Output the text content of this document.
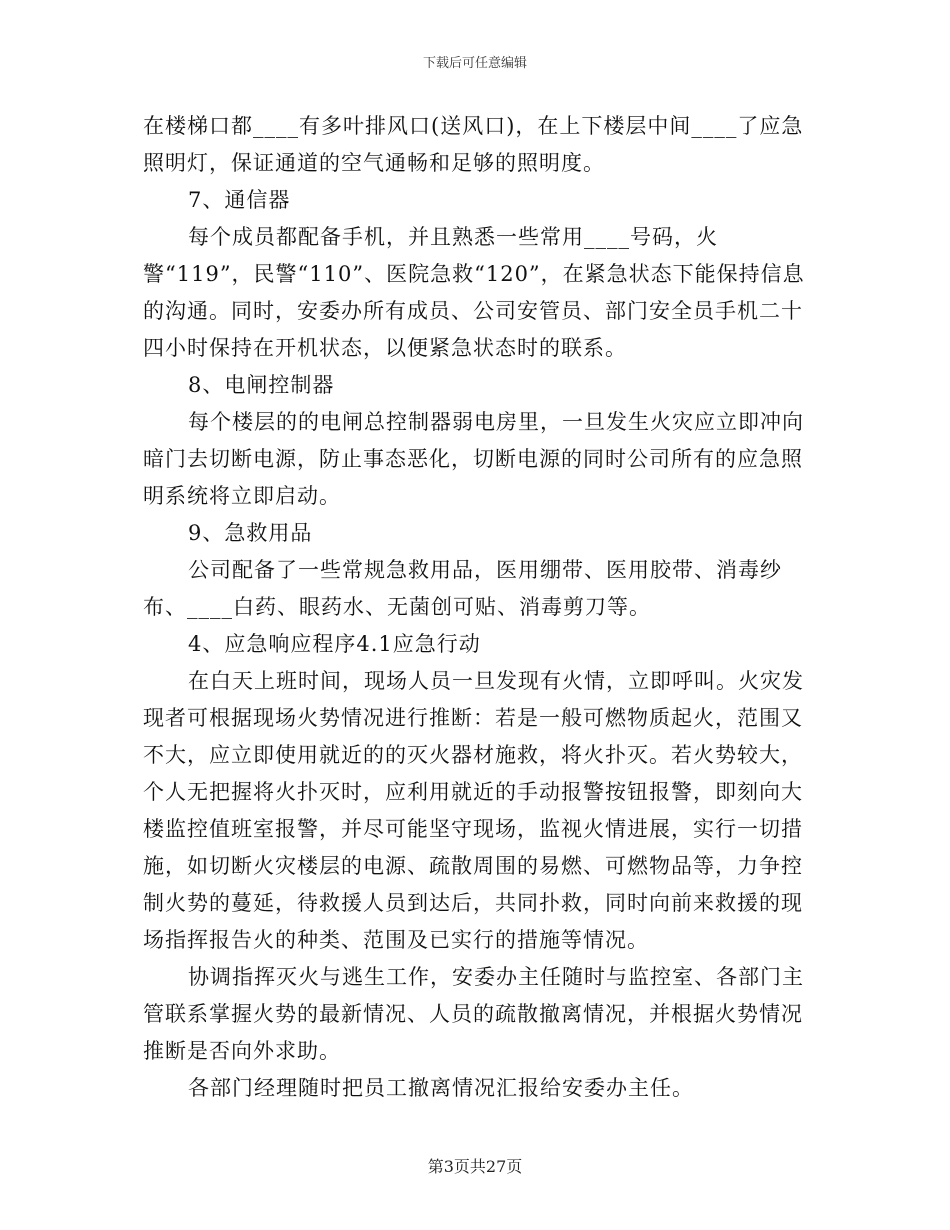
下载后可任意编辑

在楼梯口都____有多叶排风口(送风口)，在上下楼层中间____了应急照明灯，保证通道的空气通畅和足够的照明度。

7、通信器

每个成员都配备手机，并且熟悉一些常用____号码，火警“119”，民警“110”、医院急救“120”，在紧急状态下能保持信息的沟通。同时，安委办所有成员、公司安管员、部门安全员手机二十四小时保持在开机状态，以便紧急状态时的联系。

8、电闸控制器

每个楼层的的电闸总控制器弱电房里，一旦发生火灾应立即冲向暗门去切断电源，防止事态恶化，切断电源的同时公司所有的应急照明系统将立即启动。

9、急救用品

公司配备了一些常规急救用品，医用绷带、医用胶带、消毒纱布、____白药、眼药水、无菌创可贴、消毒剪刀等。

4、应急响应程序4.1应急行动

在白天上班时间，现场人员一旦发现有火情，立即呼叫。火灾发现者可根据现场火势情况进行推断：若是一般可燃物质起火，范围又不大，应立即使用就近的的灭火器材施救，将火扑灭。若火势较大，个人无把握将火扑灭时，应利用就近的手动报警按钮报警，即刻向大楼监控值班室报警，并尽可能坚守现场，监视火情进展，实行一切措施，如切断火灾楼层的电源、疏散周围的易燃、可燃物品等，力争控制火势的蔓延，待救援人员到达后，共同扑救，同时向前来救援的现场指挥报告火的种类、范围及已实行的措施等情况。

协调指挥灭火与逃生工作，安委办主任随时与监控室、各部门主管联系掌握火势的最新情况、人员的疏散撤离情况，并根据火势情况推断是否向外求助。

各部门经理随时把员工撤离情况汇报给安委办主任。

第3页共27页
